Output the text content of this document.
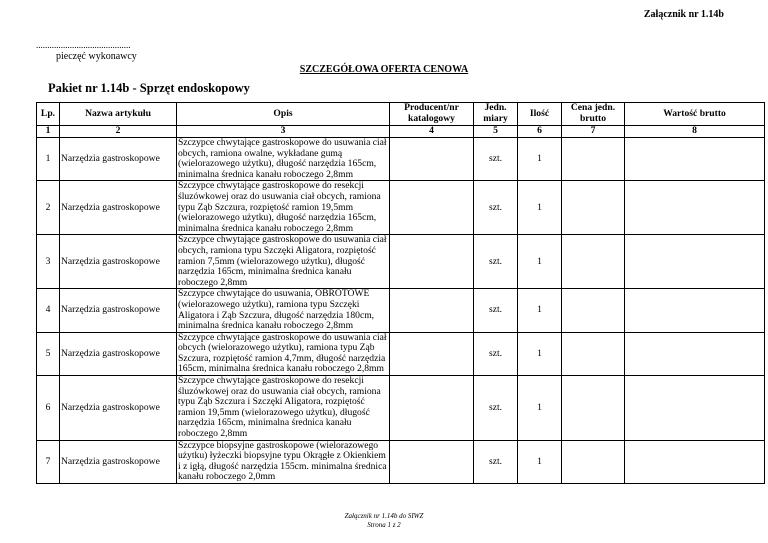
Załącznik nr 1.14b
..........................................
pieczęć wykonawcy
SZCZEGÓŁOWA OFERTA CENOWA
Pakiet nr 1.14b - Sprzęt endoskopowy
Lp.	Nazwa artykułu	Opis	Producent/nr katalogowy	Jedn. miary	Ilość	Cena jedn. brutto	Wartość brutto
1	2	3	4	5	6	7	8
1	Narzędzia gastroskopowe	Szczypce chwytające gastroskopowe do usuwania ciał obcych, ramiona owalne, wykładane gumą (wielorazowego użytku), długość narzędzia 165cm, minimalna średnica kanału roboczego 2,8mm		szt.	1		
2	Narzędzia gastroskopowe	Szczypce chwytające gastroskopowe do resekcji śluzówkowej oraz do usuwania ciał obcych, ramiona typu Ząb Szczura, rozpiętość ramion 19,5mm (wielorazowego użytku), długość narzędzia 165cm, minimalna średnica kanału roboczego 2,8mm		szt.	1		
3	Narzędzia gastroskopowe	Szczypce chwytające gastroskopowe do usuwania ciał obcych, ramiona typu Szczęki Aligatora, rozpiętość ramion 7,5mm (wielorazowego użytku), długość narzędzia 165cm, minimalna średnica kanału roboczego 2,8mm		szt.	1		
4	Narzędzia gastroskopowe	Szczypce chwytające do usuwania, OBROTOWE (wielorazowego użytku), ramiona typu Szczęki Aligatora i Ząb Szczura, długość narzędzia 180cm, minimalna średnica kanału roboczego 2,8mm		szt.	1		
5	Narzędzia gastroskopowe	Szczypce chwytające gastroskopowe do usuwania ciał obcych (wielorazowego użytku), ramiona typu Ząb Szczura, rozpiętość ramion 4,7mm, długość narzędzia 165cm, minimalna średnica kanału roboczego 2,8mm		szt.	1		
6	Narzędzia gastroskopowe	Szczypce chwytające gastroskopowe do resekcji śluzówkowej oraz do usuwania ciał obcych, ramiona typu Ząb Szczura i Szczęki Aligatora, rozpiętość ramion 19,5mm (wielorazowego użytku), długość narzędzia 165cm, minimalna średnica kanału roboczego 2,8mm		szt.	1		
7	Narzędzia gastroskopowe	Szczypce biopsyjne gastroskopowe (wielorazowego użytku) łyżeczki biopsyjne typu Okrągłe z Okienkiem i z igłą, długość narzędzia 155cm. minimalna średnica kanału roboczego 2,0mm		szt.	1		
Załącznik nr 1.14b do SIWZ
Strona 1 z 2
